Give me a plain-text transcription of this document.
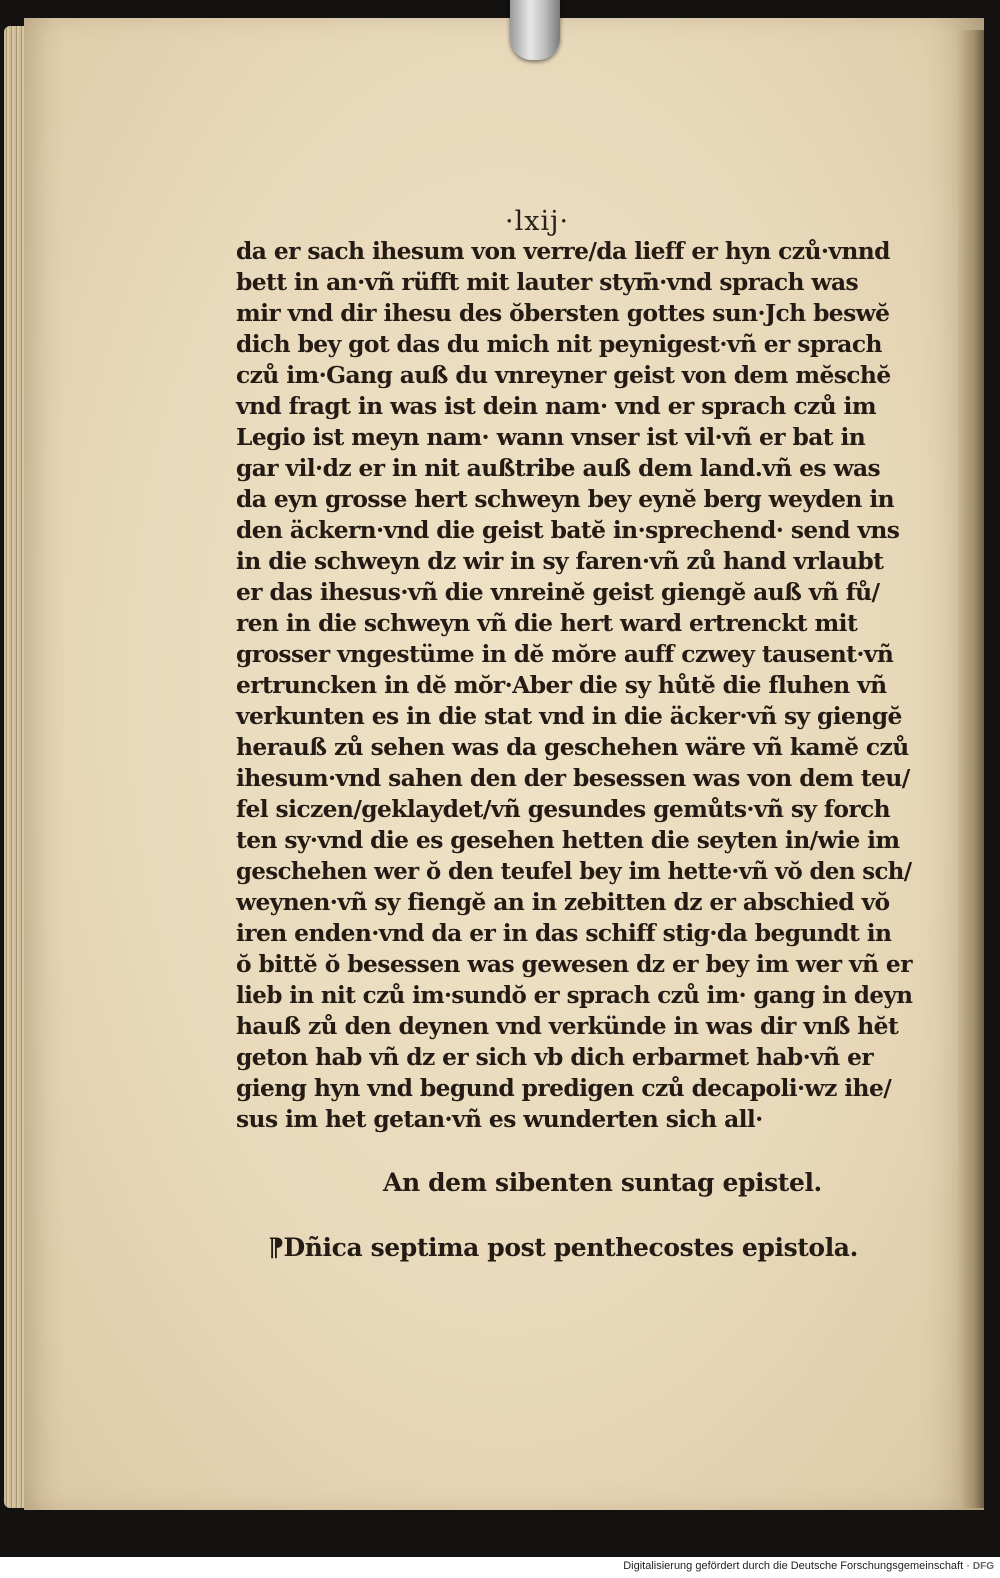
·lxij·
da er sach ihesum von verre/da lieff er hyn czů·vnnd
bett in an·vñ rüfft mit lauter stym̄·vnd sprach was
mir vnd dir ihesu des ŏbersten gottes sun·Jch beswĕ
dich bey got das du mich nit peynigest·vñ er sprach
czů im·Gang auß du vnreyner geist von dem mĕschĕ
vnd fragt in was ist dein nam· vnd er sprach czů im
Legio ist meyn nam· wann vnser ist vil·vñ er bat in
gar vil·dz er in nit außtribe auß dem land.vñ es was
da eyn grosse hert schweyn bey eynĕ berg weyden in
den äckern·vnd die geist batĕ in·sprechend· send vns
in die schweyn dz wir in sy faren·vñ zů hand vrlaubt
er das ihesus·vñ die vnreinĕ geist giengĕ auß vñ fů/
ren in die schweyn vñ die hert ward ertrenckt mit
grosser vngestüme in dĕ mŏre auff czwey tausent·vñ
ertruncken in dĕ mŏr·Aber die sy hůtĕ die fluhen vñ
verkunten es in die stat vnd in die äcker·vñ sy giengĕ
herauß zů sehen was da geschehen wäre vñ kamĕ czů
ihesum·vnd sahen den der besessen was von dem teu/
fel siczen/geklaydet/vñ gesundes gemůts·vñ sy forch
ten sy·vnd die es gesehen hetten die seyten in/wie im
geschehen wer ŏ den teufel bey im hette·vñ vŏ den sch/
weynen·vñ sy fiengĕ an in zebitten dz er abschied vŏ
iren enden·vnd da er in das schiff stig·da begundt in
ŏ bittĕ ŏ besessen was gewesen dz er bey im wer vñ er
lieb in nit czů im·sundŏ er sprach czů im· gang in deyn
hauß zů den deynen vnd verkünde in was dir vnß hĕt
geton hab vñ dz er sich vb dich erbarmet hab·vñ er
gieng hyn vnd begund predigen czů decapoli·wz ihe/
sus im het getan·vñ es wunderten sich all·
An dem sibenten suntag epistel.
⁋Dñica septima post penthecostes epistola.
Digitalisierung gefördert durch die Deutsche Forschungsgemeinschaft · DFG
